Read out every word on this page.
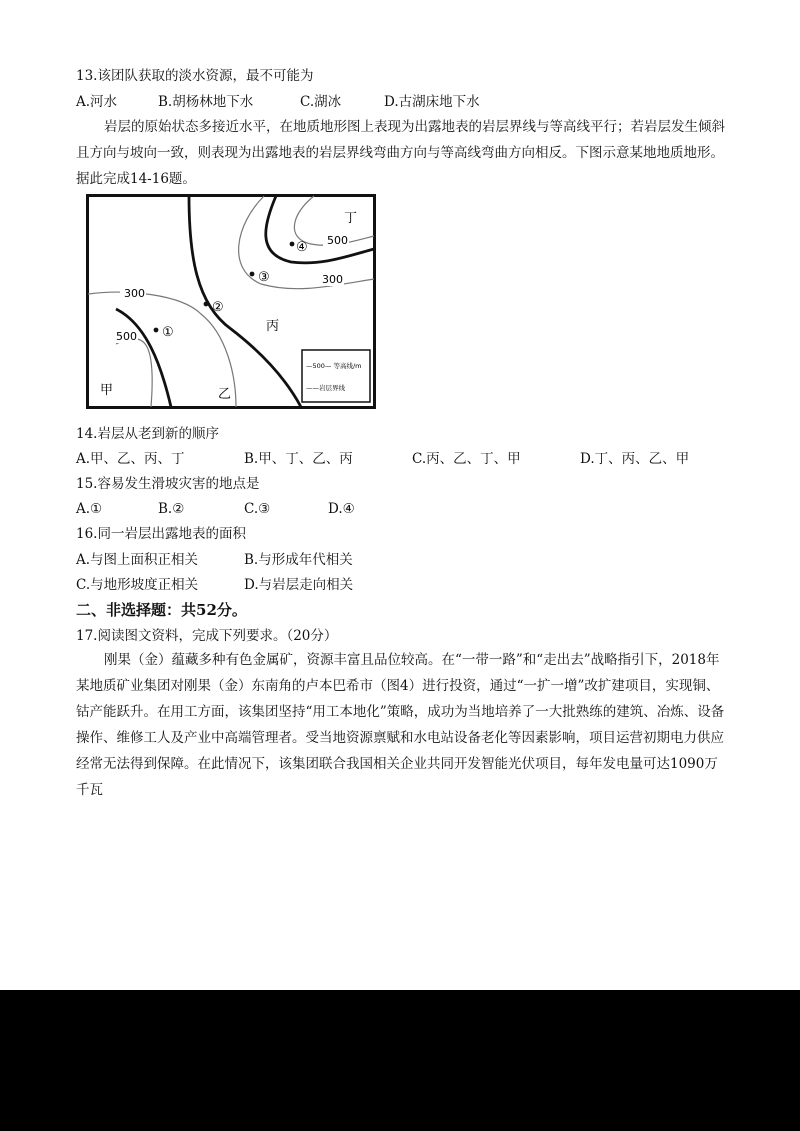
13.该团队获取的淡水资源，最不可能为
A.河水	B.胡杨林地下水	C.湖冰	D.古湖床地下水
岩层的原始状态多接近水平，在地质地形图上表现为出露地表的岩层界线与等高线平行；若岩层发生倾斜且方向与坡向一致，则表现为出露地表的岩层界线弯曲方向与等高线弯曲方向相反。下图示意某地地质地形。据此完成14-16题。
300
500
300
500
①
②
③
④
甲	乙
丙
丁
—500— 等高线/m
——岩层界线
14.岩层从老到新的顺序
A.甲、乙、丙、丁	B.甲、丁、乙、丙	C.丙、乙、丁、甲	D.丁、丙、乙、甲
15.容易发生滑坡灾害的地点是
A.①	B.②	C.③	D.④
16.同一岩层出露地表的面积
A.与图上面积正相关	B.与形成年代相关
C.与地形坡度正相关	D.与岩层走向相关
二、非选择题：共52分。
17.阅读图文资料，完成下列要求。（20分）
刚果（金）蕴藏多种有色金属矿，资源丰富且品位较高。在“一带一路”和“走出去”战略指引下，2018年某地质矿业集团对刚果（金）东南角的卢本巴希市（图4）进行投资，通过“一扩一增”改扩建项目，实现铜、钴产能跃升。在用工方面，该集团坚持“用工本地化”策略，成功为当地培养了一大批熟练的建筑、冶炼、设备操作、维修工人及产业中高端管理者。受当地资源禀赋和水电站设备老化等因素影响，项目运营初期电力供应经常无法得到保障。在此情况下，该集团联合我国相关企业共同开发智能光伏项目，每年发电量可达1090万千瓦
